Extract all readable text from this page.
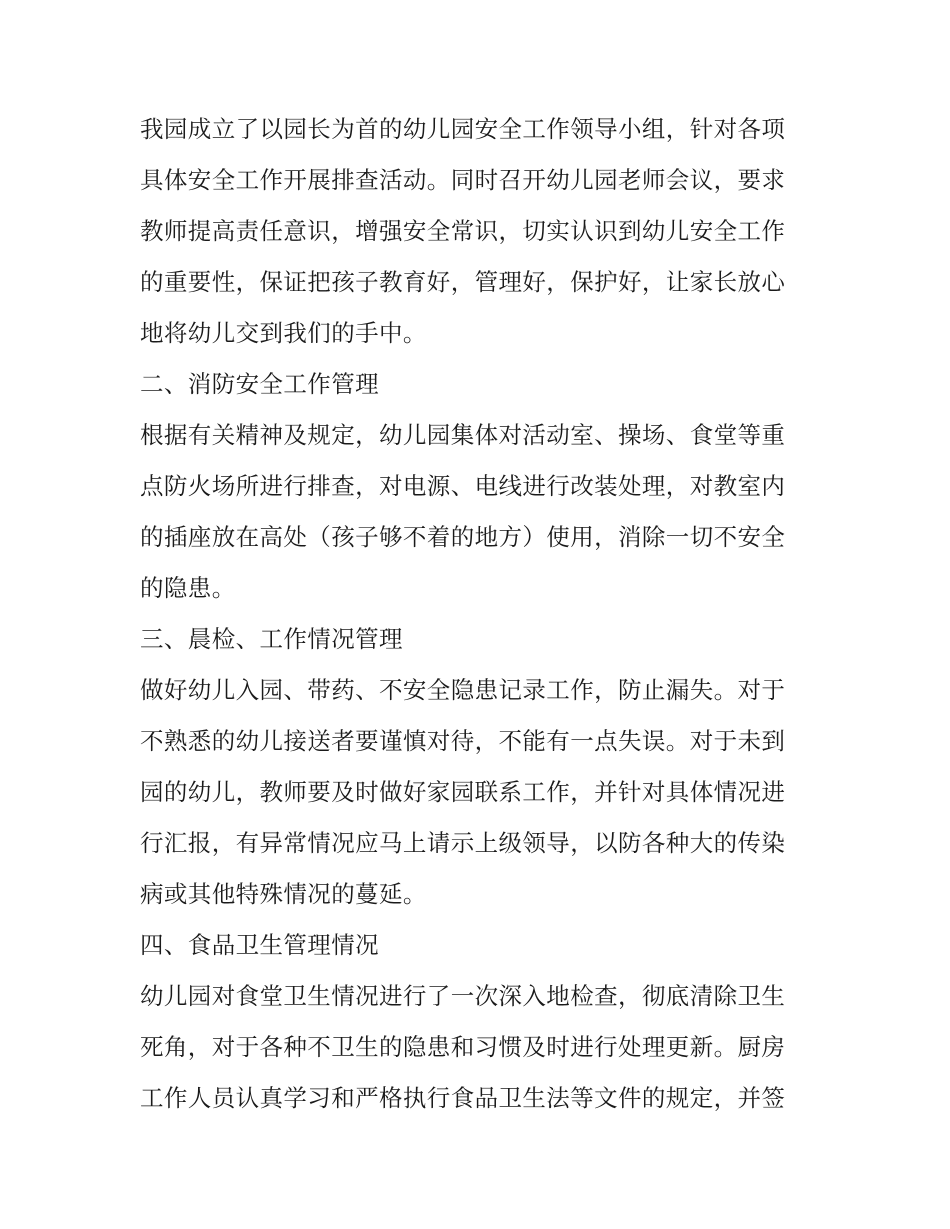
我园成立了以园长为首的幼儿园安全工作领导小组，针对各项
具体安全工作开展排查活动。同时召开幼儿园老师会议，要求
教师提高责任意识，增强安全常识，切实认识到幼儿安全工作
的重要性，保证把孩子教育好，管理好，保护好，让家长放心
地将幼儿交到我们的手中。
二、消防安全工作管理
根据有关精神及规定，幼儿园集体对活动室、操场、食堂等重
点防火场所进行排查，对电源、电线进行改装处理，对教室内
的插座放在高处（孩子够不着的地方）使用，消除一切不安全
的隐患。
三、晨检、工作情况管理
做好幼儿入园、带药、不安全隐患记录工作，防止漏失。对于
不熟悉的幼儿接送者要谨慎对待，不能有一点失误。对于未到
园的幼儿，教师要及时做好家园联系工作，并针对具体情况进
行汇报，有异常情况应马上请示上级领导，以防各种大的传染
病或其他特殊情况的蔓延。
四、食品卫生管理情况
幼儿园对食堂卫生情况进行了一次深入地检查，彻底清除卫生
死角，对于各种不卫生的隐患和习惯及时进行处理更新。厨房
工作人员认真学习和严格执行食品卫生法等文件的规定，并签
